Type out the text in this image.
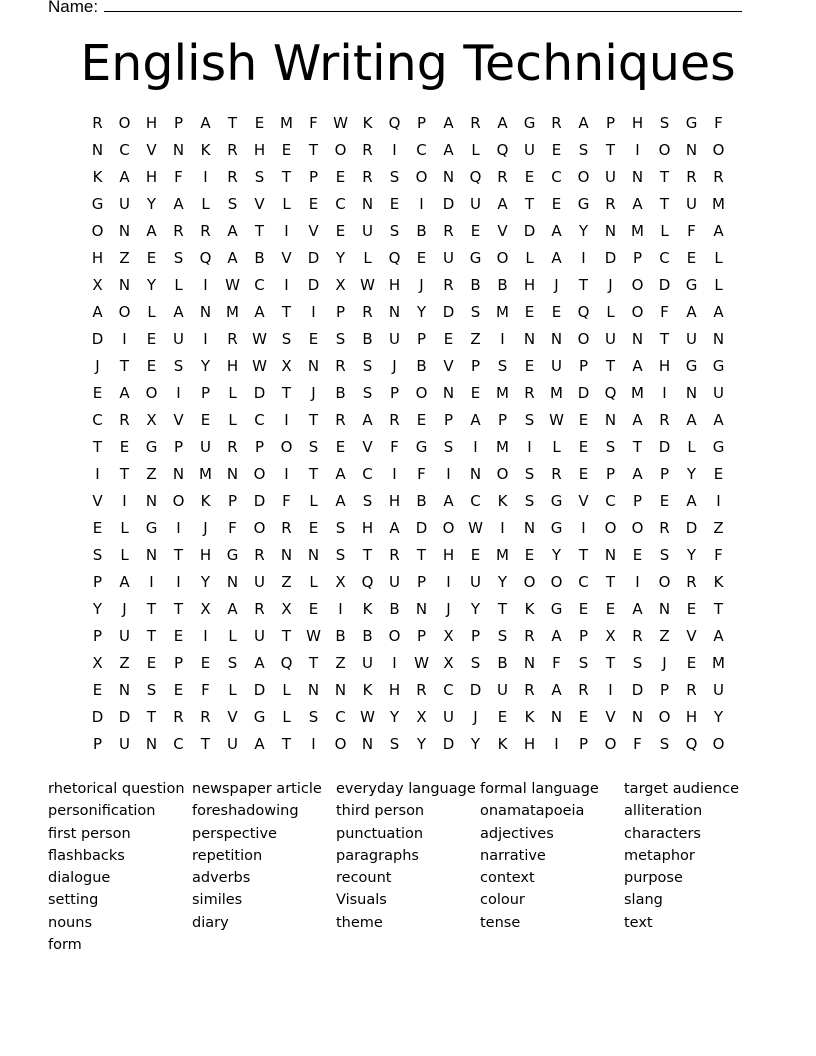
Name:
English Writing Techniques
R	O	H	P	A	T	E	M	F	W K	Q	P	A	R	A	G	R	A	P	H	S	G	F
N	C	V	N	K	R	H	E	T	O	R	I	C	A	L	Q	U	E	S	T	I	O	N	O
K	A	H	F	I	R	S	T	P	E	R	S	O	N	Q	R	E	C	O	U	N	T	R	R
G	U	Y	A	L	S	V	L	E	C	N	E	I	D	U	A	T	E	G	R	A	T	U	M
O	N	A	R	R	A	T	I	V	E	U	S	B	R	E	V	D	A	Y	N M	L	F	A
H	Z	E	S	Q	A	B	V	D	Y	L	Q	E	U	G	O	L	A	I	D	P	C	E	L
X	N	Y	L	I	W C	I	D	X W H	J	R	B	B	H	J	T	J	O	D	G	L
A	O	L	A	N M	A	T	I	P	R	N	Y	D	S	M	E	E	Q	L	O	F	A	A
D	I	E	U	I	R W S	E	S	B	U	P	E	Z	I	N	N	O	U	N	T	U	N
J	T	E	S	Y	H W X	N	R	S	J	B	V	P	S	E	U	P	T	A	H	G	G
E	A	O	I	P	L	D	T	J	B	S	P	O	N	E	M	R	M D	Q M	I	N	U
C	R	X	V	E	L	C	I	T	R	A	R	E	P	A	P	S W E	N	A	R	A	A
T	E	G	P	U	R	P	O	S	E	V	F	G	S	I	M	I	L	E	S	T	D	L	G
I	T	Z	N M N	O	I	T	A	C	I	F	I	N	O	S	R	E	P	A	P	Y	E
V	I	N	O	K	P	D	F	L	A	S	H	B	A	C	K	S	G	V	C	P	E	A	I
E	L	G	I	J	F	O	R	E	S	H	A	D	O W	I	N	G	I	O	O	R	D	Z
S	L	N	T	H	G	R	N	N	S	T	R	T	H	E	M	E	Y	T	N	E	S	Y	F
P	A	I	I	Y	N	U	Z	L	X	Q	U	P	I	U	Y	O	O	C	T	I	O	R	K
Y	J	T	T	X	A	R	X	E	I	K	B	N	J	Y	T	K	G	E	E	A	N	E	T
P	U	T	E	I	L	U	T	W B	B	O	P	X	P	S	R	A	P	X	R	Z	V	A
X	Z	E	P	E	S	A	Q	T	Z	U	I	W X	S	B	N	F	S	T	S	J	E	M
E	N	S	E	F	L	D	L	N	N	K	H	R	C	D	U	R	A	R	I	D	P	R	U
D	D	T	R	R	V	G	L	S	C W Y	X	U	J	E	K	N	E	V	N	O	H	Y
P	U	N	C	T	U	A	T	I	O	N	S	Y	D	Y	K	H	I	P	O	F	S	Q	O
rhetorical question
personification
first person
flashbacks
dialogue
setting
nouns
form
newspaper article
foreshadowing
perspective
repetition
adverbs
similes
diary
everyday language
third person
punctuation
paragraphs
recount
Visuals
theme
formal language
onamatapoeia
adjectives
narrative
context
colour
tense
target audience
alliteration
characters
metaphor
purpose
slang
text
